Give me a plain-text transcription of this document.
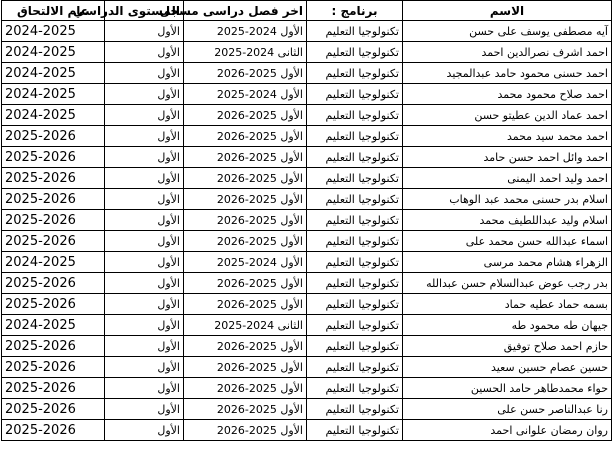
الاسم	برنامج :	اخر فصل دراسى مسجل	المستوى الدراسي	عام الالتحاق
آيه مصطفى يوسف على حسن	تكنولوجيا التعليم	الأول 2024-2025	الأول	2024-2025
احمد اشرف نصرالدين احمد	تكنولوجيا التعليم	الثانى 2024-2025	الأول	2024-2025
احمد حسنى محمود حامد عبدالمجيد	تكنولوجيا التعليم	الأول 2025-2026	الأول	2024-2025
احمد صلاح محمود محمد	تكنولوجيا التعليم	الأول 2024-2025	الأول	2024-2025
احمد عماد الدين عطيتو حسن	تكنولوجيا التعليم	الأول 2025-2026	الأول	2024-2025
احمد محمد سيد محمد	تكنولوجيا التعليم	الأول 2025-2026	الأول	2025-2026
احمد وائل احمد حسن حامد	تكنولوجيا التعليم	الأول 2025-2026	الأول	2025-2026
احمد وليد احمد اليمنى	تكنولوجيا التعليم	الأول 2025-2026	الأول	2025-2026
اسلام بدر حسنى محمد عبد الوهاب	تكنولوجيا التعليم	الأول 2025-2026	الأول	2025-2026
اسلام وليد عبداللطيف محمد	تكنولوجيا التعليم	الأول 2025-2026	الأول	2025-2026
اسماء عبدالله حسن محمد على	تكنولوجيا التعليم	الأول 2025-2026	الأول	2025-2026
الزهراء هشام محمد مرسى	تكنولوجيا التعليم	الأول 2024-2025	الأول	2024-2025
بدر رجب عوض عبدالسلام حسن عبدالله	تكنولوجيا التعليم	الأول 2025-2026	الأول	2025-2026
بسمه حماد عطيه حماد	تكنولوجيا التعليم	الأول 2025-2026	الأول	2025-2026
جيهان طه محمود طه	تكنولوجيا التعليم	الثانى 2024-2025	الأول	2024-2025
حازم احمد صلاح توفيق	تكنولوجيا التعليم	الأول 2025-2026	الأول	2025-2026
حسين عصام حسين سعيد	تكنولوجيا التعليم	الأول 2025-2026	الأول	2025-2026
حواء محمدطاهر حامد الحسين	تكنولوجيا التعليم	الأول 2025-2026	الأول	2025-2026
رنا عبدالناصر حسن على	تكنولوجيا التعليم	الأول 2025-2026	الأول	2025-2026
روان رمضان علوانى احمد	تكنولوجيا التعليم	الأول 2025-2026	الأول	2025-2026
